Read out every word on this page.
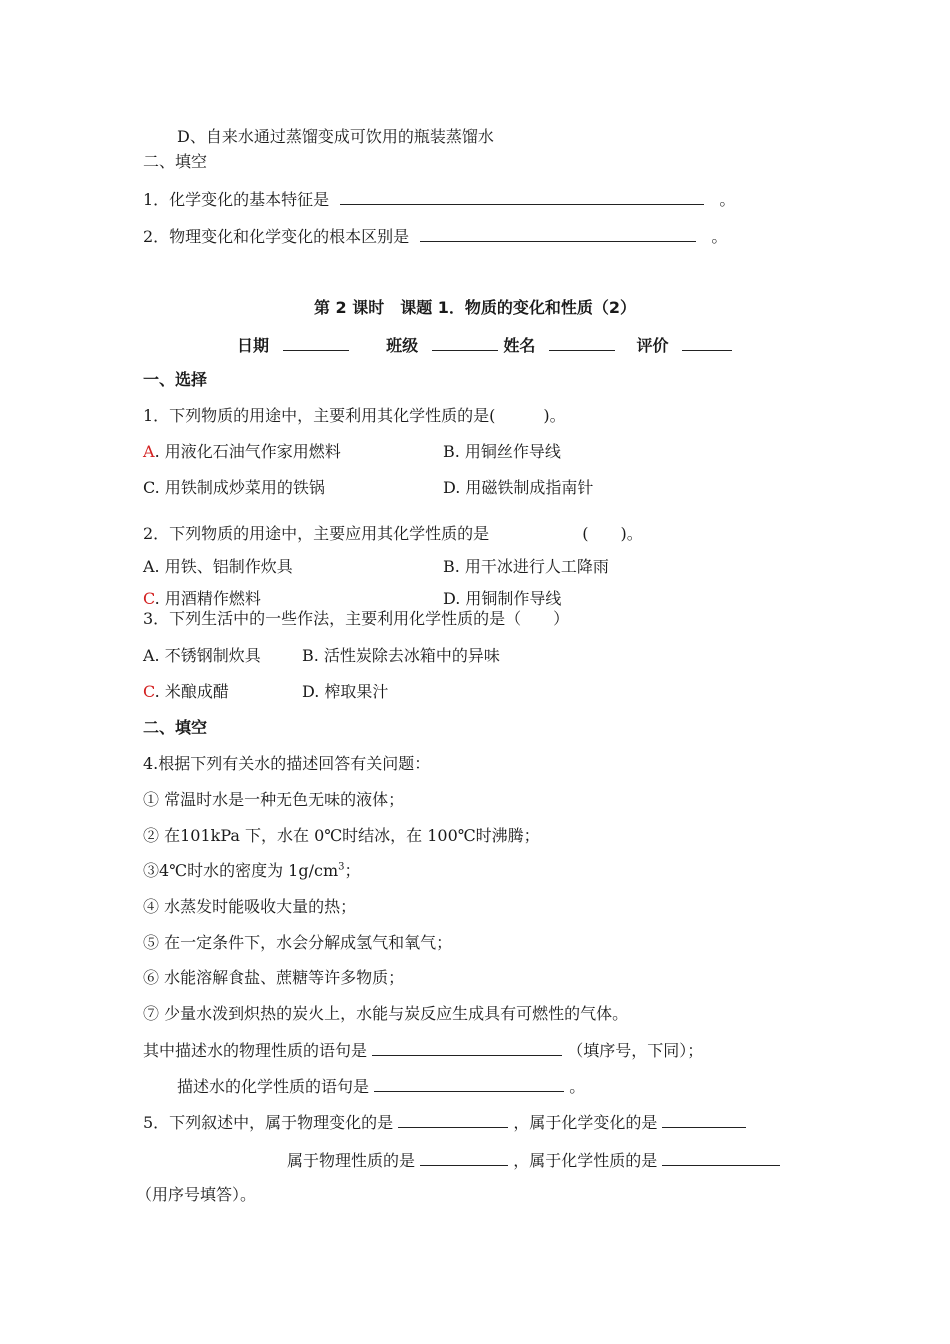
D、自来水通过蒸馏变成可饮用的瓶装蒸馏水
二、填空
1．化学变化的基本特征是	。
2．物理变化和化学变化的根本区别是	。
第 2 课时　课题 1．物质的变化和性质（2）
日期	班级	姓名	评价
一、选择
1．下列物质的用途中，主要利用其化学性质的是(　　　)。
A. 用液化石油气作家用燃料	B. 用铜丝作导线
C. 用铁制成炒菜用的铁锅	D. 用磁铁制成指南针
2．下列物质的用途中，主要应用其化学性质的是	(　　)。
A. 用铁、铝制作炊具	B. 用干冰进行人工降雨
C. 用酒精作燃料	D. 用铜制作导线
3．下列生活中的一些作法，主要利用化学性质的是（　　）
A. 不锈钢制炊具	B. 活性炭除去冰箱中的异味
C. 米酿成醋	D. 榨取果汁
二、填空
4.根据下列有关水的描述回答有关问题：
① 常温时水是一种无色无味的液体；
② 在101kPa 下，水在 0℃时结冰，在 100℃时沸腾；
③4℃时水的密度为 $1g/cm^3$；
④ 水蒸发时能吸收大量的热；
⑤ 在一定条件下，水会分解成氢气和氧气；
⑥ 水能溶解食盐、蔗糖等许多物质；
⑦ 少量水泼到炽热的炭火上，水能与炭反应生成具有可燃性的气体。
其中描述水的物理性质的语句是	（填序号，下同）；
描述水的化学性质的语句是	。
5．下列叙述中，属于物理变化的是	，属于化学变化的是
属于物理性质的是	，属于化学性质的是
（用序号填答）。
